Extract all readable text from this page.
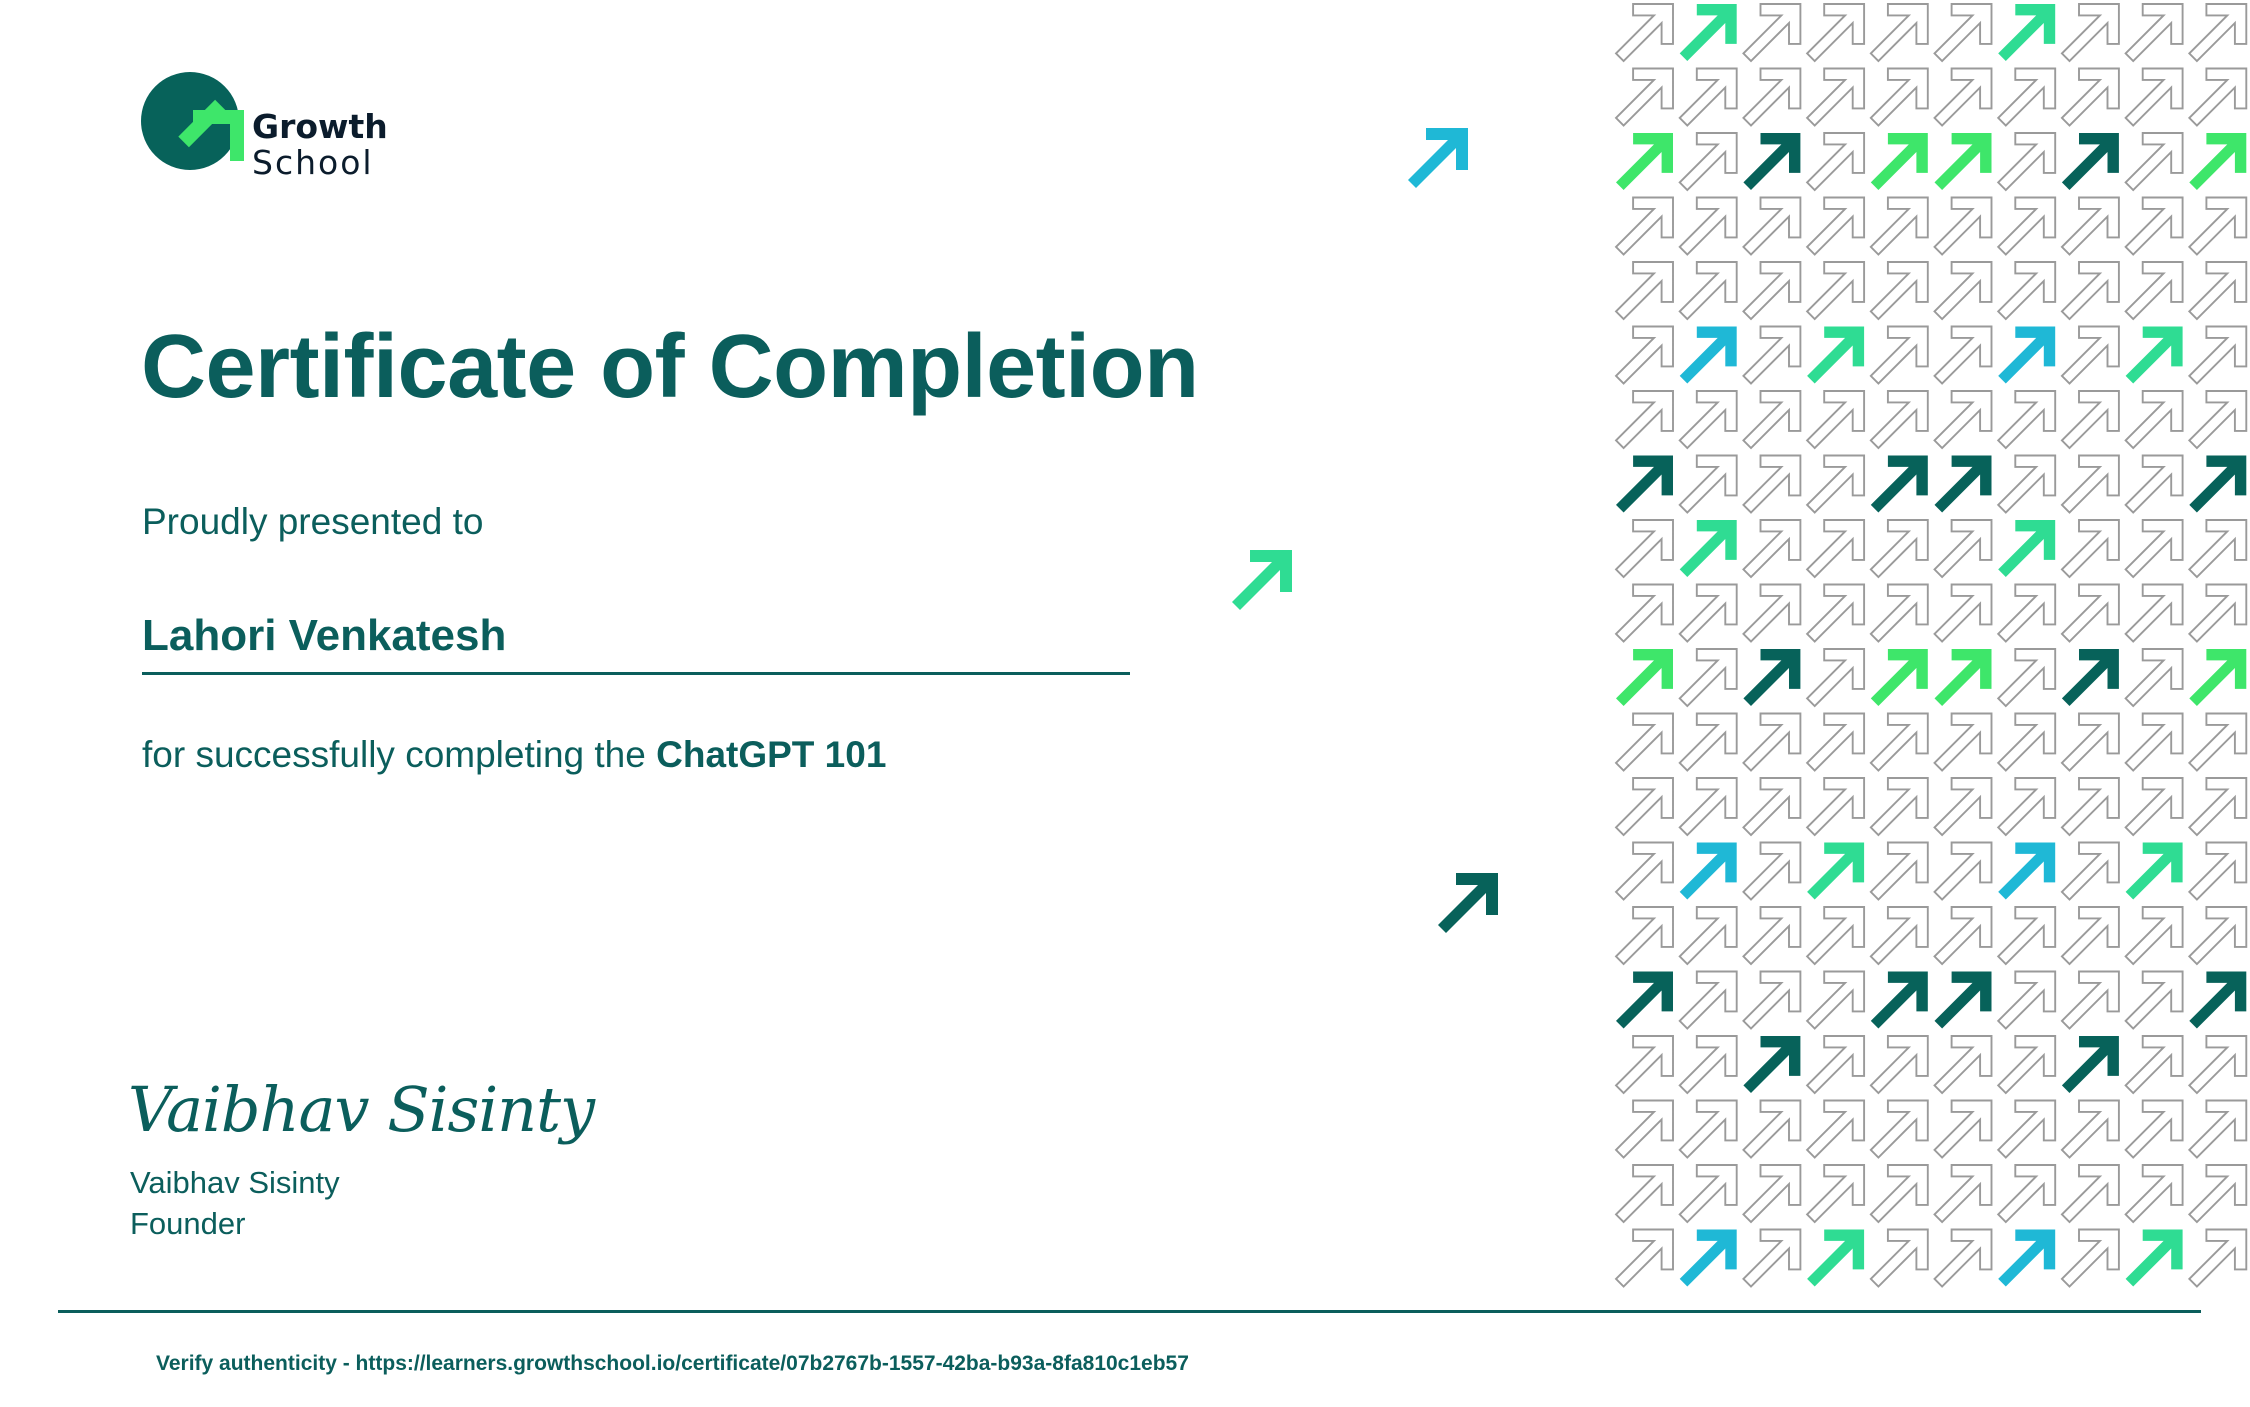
Growth
School
Certificate of Completion
Proudly presented to
Lahori Venkatesh
for successfully completing the ChatGPT 101
Vaibhav Sisinty
Vaibhav Sisinty
Founder
Verify authenticity - https://learners.growthschool.io/certificate/07b2767b-1557-42ba-b93a-8fa810c1eb57
